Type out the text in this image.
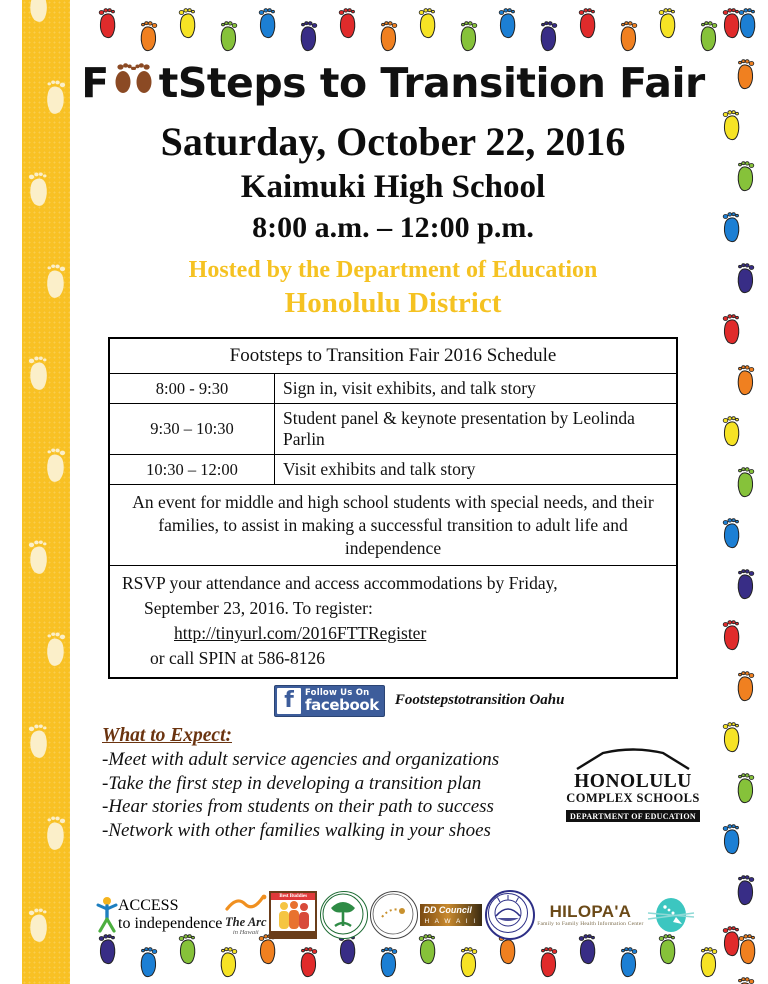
F tSteps to Transition Fair
Saturday, October 22, 2016
Kaimuki High School
8:00 a.m. – 12:00 p.m.
Hosted by the Department of Education
Honolulu District
Footsteps to Transition Fair 2016 Schedule	
8:00 - 9:30	Sign in, visit exhibits, and talk story
9:30 – 10:30	Student panel & keynote presentation by Leolinda Parlin
10:30 – 12:00	Visit exhibits and talk story
An event for middle and high school students with special needs, and their families, to assist in making a successful transition to adult life and independence	
RSVP your attendance and access accommodations by Friday,
September 23, 2016. To register:
http://tinyurl.com/2016FTTRegister
or call SPIN at 586-8126	
f	Follow Us On
facebook Footstepstotransition Oahu
What to Expect:
-Meet with adult service agencies and organizations
-Take the first step in developing a transition plan
-Hear stories from students on their path to success
-Network with other families walking in your shoes
HONOLULU
COMPLEX SCHOOLS
DEPARTMENT OF EDUCATION
ACCESS
to independence The Arc
in Hawaii
Best Buddies
DD Council
H A W A I I
HILOPA'A
Family to Family Health Information Center
